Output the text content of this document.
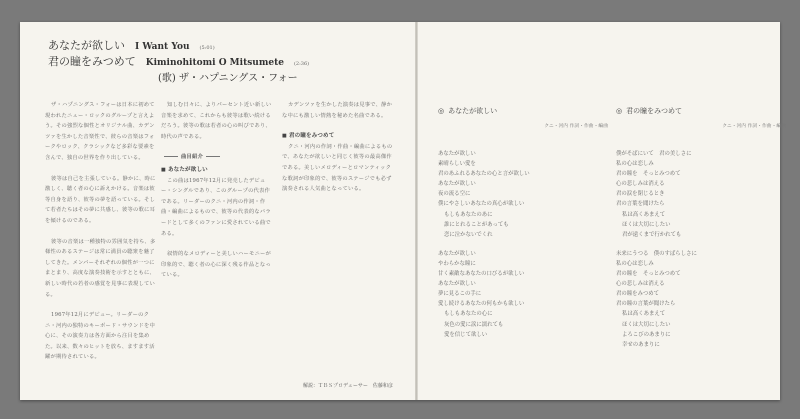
あなたが欲しい I Want You (5:01)
君の瞳をみつめて Kiminohitomi O Mitsumete (2:36)
(歌) ザ・ハプニングス・フォー

ザ・ハプニングス・フォーは日本に初めて現われたニュー・ロックのグループと言えよう。その強烈な個性とオリジナル曲、カデンツァを生かした音楽性で、彼らの音楽はフォークやロック、クラシックなど多彩な要素を含んで、独自の世界を作り出している。

彼等は自己を主張している。静かに、時に激しく、聴く者の心に訴えかける。音楽は彼等自身を語り、彼等の夢を語っている。そして若者たちはその夢に共感し、彼等の歌に耳を傾けるのである。

彼等の音楽は一種独特の雰囲気を持ち、多様性のあるステージは常に満員の聴衆を魅了してきた。メンバーそれぞれの個性が一つにまとまり、高度な演奏技術を示すとともに、新しい時代の若者の感覚を見事に表現している。

1967年12月にデビュー。リーダーのクニ・河内の独特のキーボード・サウンドを中心に、その演奏力は各方面から注目を集めた。以来、数々のヒットを放ち、ますます活躍が期待されている。

知しむ日々に、よりパーセント近い新しい音楽を求めて、これからも彼等は歌い続けるだろう。彼等の歌は若者の心の叫びであり、時代の声である。

曲目紹介
■ あなたが欲しい

この曲は1967年12月に発売したデビュー・シングルであり、このグループの代表作である。リーダーのクニ・河内の作詞・作曲・編曲によるもので、彼等の代表的なバラードとして多くのファンに愛されている曲である。

叙情的なメロディーと美しいハーモニーが印象的で、聴く者の心に深く残る作品となっている。

カデンツァを生かした演奏は見事で、静かな中にも激しい情熱を秘めた名曲である。

■ 君の瞳をみつめて

クニ・河内の作詞・作曲・編曲によるもので、あなたが欲しいと同じく彼等の最高傑作である。美しいメロディーとロマンティックな歌詞が印象的で、彼等のステージでも必ず演奏される人気曲となっている。

解説：ＴＢＳプロデューサー　佐藤和彦
◎ あなたが欲しい
クニ・河内 作詞・作曲・編曲
あなたが欲しい
素晴らしい愛を
君のあふれるあなたの心と言が欲しい
あなたが欲しい
夜の流る空に
僕にやさしいあなたの真心が欲しい
もしもあなたのあに
誰にとれることがあっても
恋に泣かないでくれ
あなたが欲しい
やわらかな瞳に
甘く素敵なあなたの口びるが欲しい
あなたが欲しい
夢に見るこの手に
愛し続けるあなたの何もかも欲しい
もしもあなたの心に
灰色の愛に涙に濡れても
愛を信じて欲しい
◎ 君の瞳をみつめて
クニ・河内 作詞・作曲・編曲
僕がそばにいて　君の美しさに
私の心は恋しみ
君の瞳を　そっとみつめて
心の悲しみは消える
君の涙を閉じるとき
君の言葉を聞けたら
私は高くあまえて
ほくは大切にしたい
君が遠くまで行かれても
未来にうつる　僕のすばらしさに
私の心は恋しみ
君の瞳を　そっとみつめて
心の悲しみは消える
君の瞳をみつめて
君の瞳の言葉が聞けたら
私は高くあまえて
ほくは大切にしたい
よろこびのあまりに
幸せのあまりに
